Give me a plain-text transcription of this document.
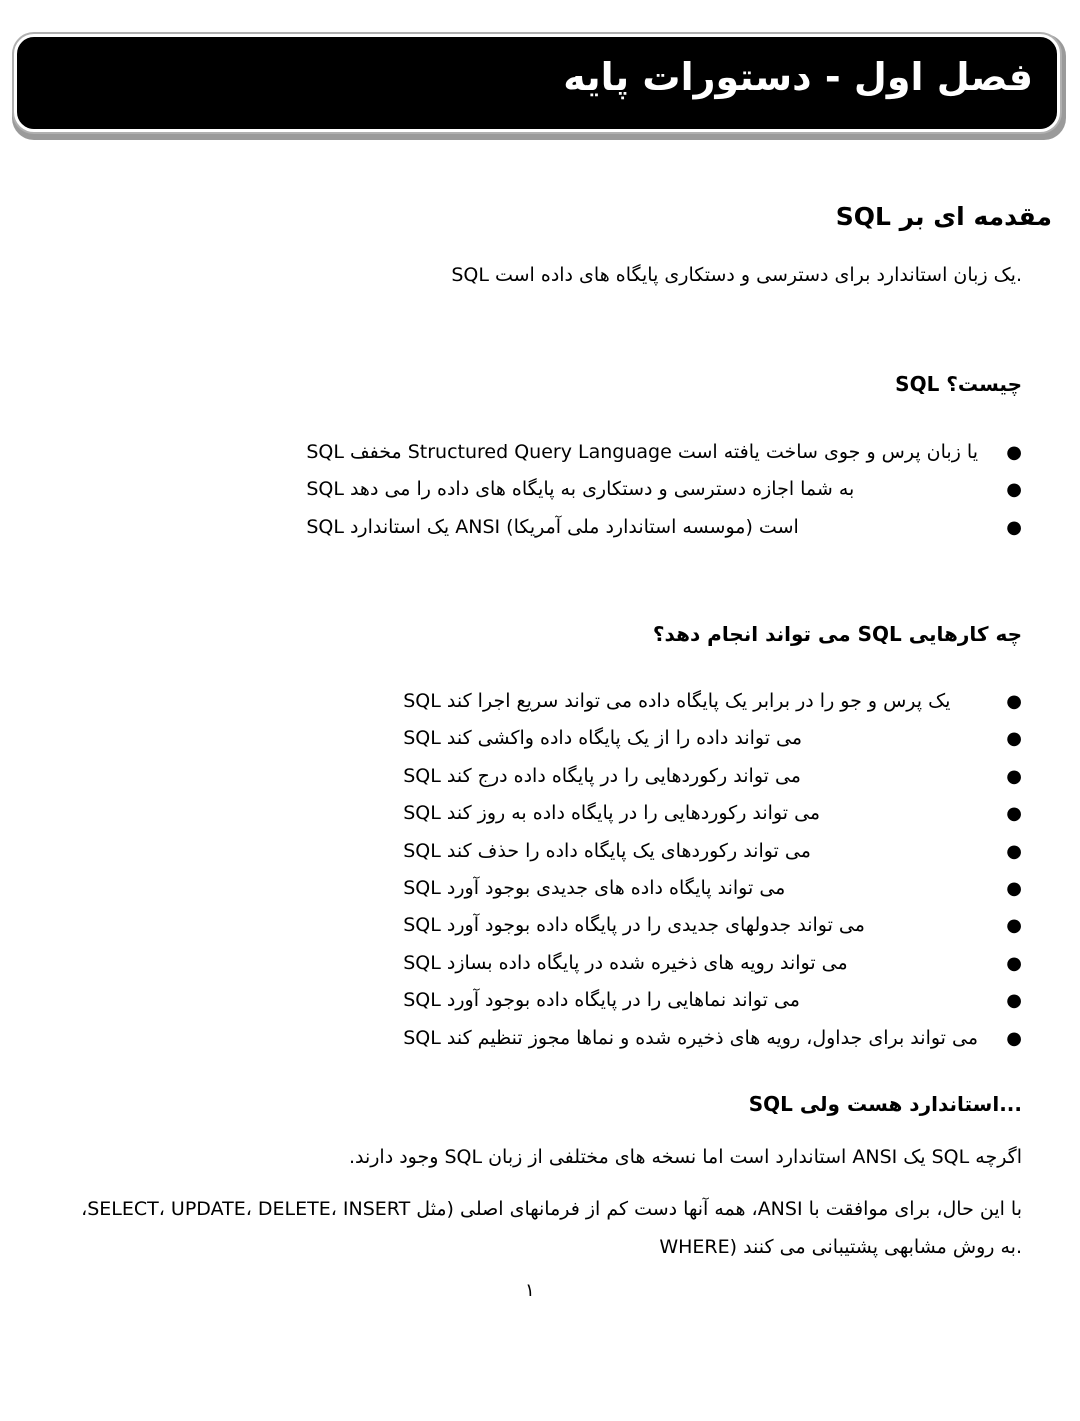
فصل اول - دستورات پایه
مقدمه ای بر SQL
SQL یک زبان استاندارد برای دسترسی و دستکاری پایگاه های داده است.
SQL چیست؟
●
SQL مخفف Structured Query Language یا زبان پرس و جوی ساخت یافته است
●
SQL به شما اجازه دسترسی و دستکاری به پایگاه های داده را می دهد
●
SQL یک استاندارد ANSI (موسسه استاندارد ملی آمریکا) است
چه کارهایی SQL می تواند انجام دهد؟
●
SQL یک پرس و جو را در برابر یک پایگاه داده می تواند سریع اجرا کند
●
SQL می تواند داده را از یک پایگاه داده واکشی کند
●
SQL می تواند رکوردهایی را در پایگاه داده درج کند
●
SQL می تواند رکوردهایی را در پایگاه داده به روز کند
●
SQL می تواند رکوردهای یک پایگاه داده را حذف کند
●
SQL می تواند پایگاه داده های جدیدی بوجود آورد
●
SQL می تواند جدولهای جدیدی را در پایگاه داده بوجود آورد
●
SQL می تواند رویه های ذخیره شده در پایگاه داده بسازد
●
SQL می تواند نماهایی را در پایگاه داده بوجود آورد
●
SQL می تواند برای جداول، رویه های ذخیره شده و نماها مجوز تنظیم کند
SQL استاندارد هست ولی...
اگرچه SQL یک ANSI استاندارد است اما نسخه های مختلفی از زبان SQL وجود دارند.
با این حال، برای موافقت با ANSI، همه آنها دست کم از فرمانهای اصلی (مثل SELECT، UPDATE، DELETE، INSERT،
WHERE) به روش مشابهی پشتیبانی می کنند.
۱
